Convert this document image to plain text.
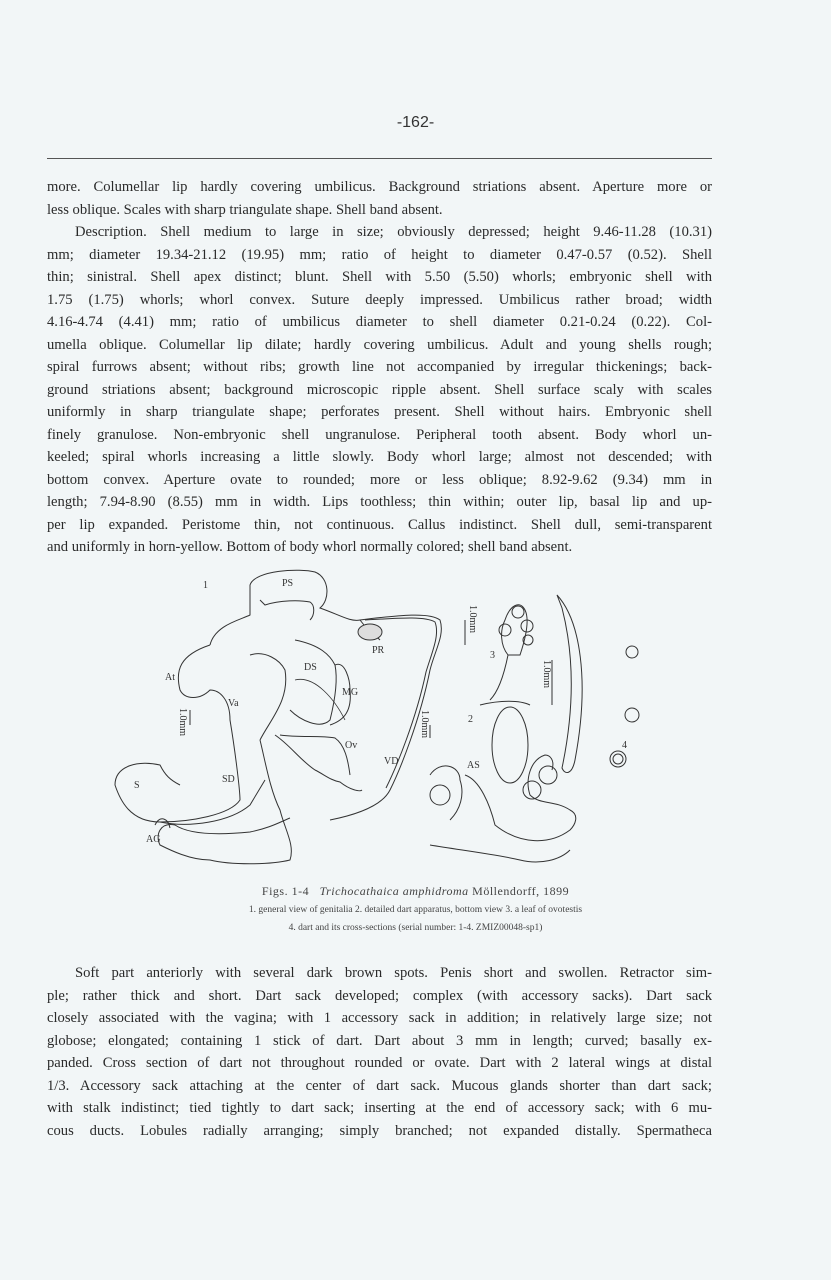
-162-
more. Columellar lip hardly covering umbilicus. Background striations absent. Aperture more or
less oblique. Scales with sharp triangulate shape. Shell band absent.
Description. Shell medium to large in size; obviously depressed; height 9.46-11.28 (10.31)
mm; diameter 19.34-21.12 (19.95) mm; ratio of height to diameter 0.47-0.57 (0.52). Shell
thin; sinistral. Shell apex distinct; blunt. Shell with 5.50 (5.50) whorls; embryonic shell with
1.75 (1.75) whorls; whorl convex. Suture deeply impressed. Umbilicus rather broad; width
4.16-4.74 (4.41) mm; ratio of umbilicus diameter to shell diameter 0.21-0.24 (0.22). Col-
umella oblique. Columellar lip dilate; hardly covering umbilicus. Adult and young shells rough;
spiral furrows absent; without ribs; growth line not accompanied by irregular thickenings; back-
ground striations absent; background microscopic ripple absent. Shell surface scaly with scales
uniformly in sharp triangulate shape; perforates present. Shell without hairs. Embryonic shell
finely granulose. Non-embryonic shell ungranulose. Peripheral tooth absent. Body whorl un-
keeled; spiral whorls increasing a little slowly. Body whorl large; almost not descended; with
bottom convex. Aperture ovate to rounded; more or less oblique; 8.92-9.62 (9.34) mm in
length; 7.94-8.90 (8.55) mm in width. Lips toothless; thin within; outer lip, basal lip and up-
per lip expanded. Peristome thin, not continuous. Callus indistinct. Shell dull, semi-transparent
and uniformly in horn-yellow. Bottom of body whorl normally colored; shell band absent.
1	PS
PR
DS
MG
At
Va
Ov
VD
S
SD
AG
2
AS
3
4
1.0mm
1.0mm
1.0mm
1.0mm
Figs. 1-4 Trichocathaica amphidroma Möllendorff, 1899
1. general view of genitalia 2. detailed dart apparatus, bottom view 3. a leaf of ovotestis
4. dart and its cross-sections (serial number: 1-4. ZMIZ00048-sp1)
Soft part anteriorly with several dark brown spots. Penis short and swollen. Retractor sim-
ple; rather thick and short. Dart sack developed; complex (with accessory sacks). Dart sack
closely associated with the vagina; with 1 accessory sack in addition; in relatively large size; not
globose; elongated; containing 1 stick of dart. Dart about 3 mm in length; curved; basally ex-
panded. Cross section of dart not throughout rounded or ovate. Dart with 2 lateral wings at distal
1/3. Accessory sack attaching at the center of dart sack. Mucous glands shorter than dart sack;
with stalk indistinct; tied tightly to dart sack; inserting at the end of accessory sack; with 6 mu-
cous ducts. Lobules radially arranging; simply branched; not expanded distally. Spermatheca
